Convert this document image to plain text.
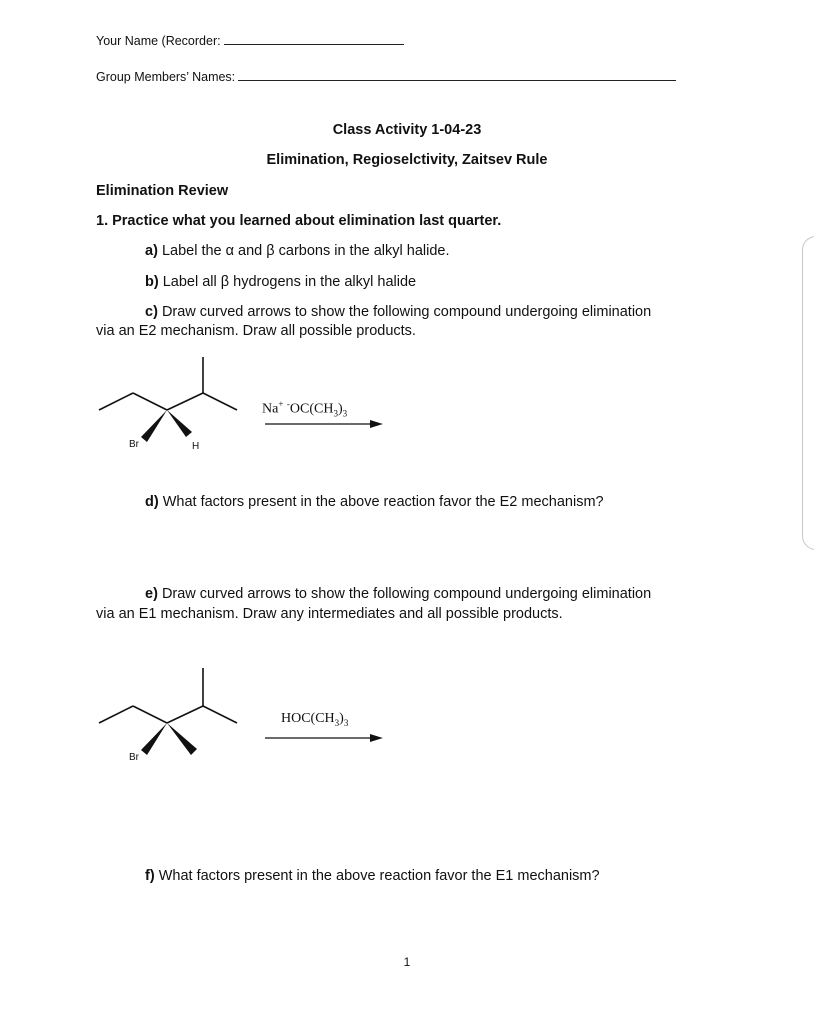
Your Name (Recorder:
Group Members’ Names:
Class Activity 1-04-23
Elimination, Regioselctivity, Zaitsev Rule
Elimination Review
1. Practice what you learned about elimination last quarter.
a) Label the α and β carbons in the alkyl halide.
b) Label all β hydrogens in the alkyl halide
c) Draw curved arrows to show the following compound undergoing elimination
via an E2 mechanism. Draw all possible products.
Br	H
Na+ $^-OC(CH_3)_3$
d) What factors present in the above reaction favor the E2 mechanism?
e) Draw curved arrows to show the following compound undergoing elimination
via an E1 mechanism. Draw any intermediates and all possible products.
Br
$HOC(CH_3)_3$
f) What factors present in the above reaction favor the E1 mechanism?
1
